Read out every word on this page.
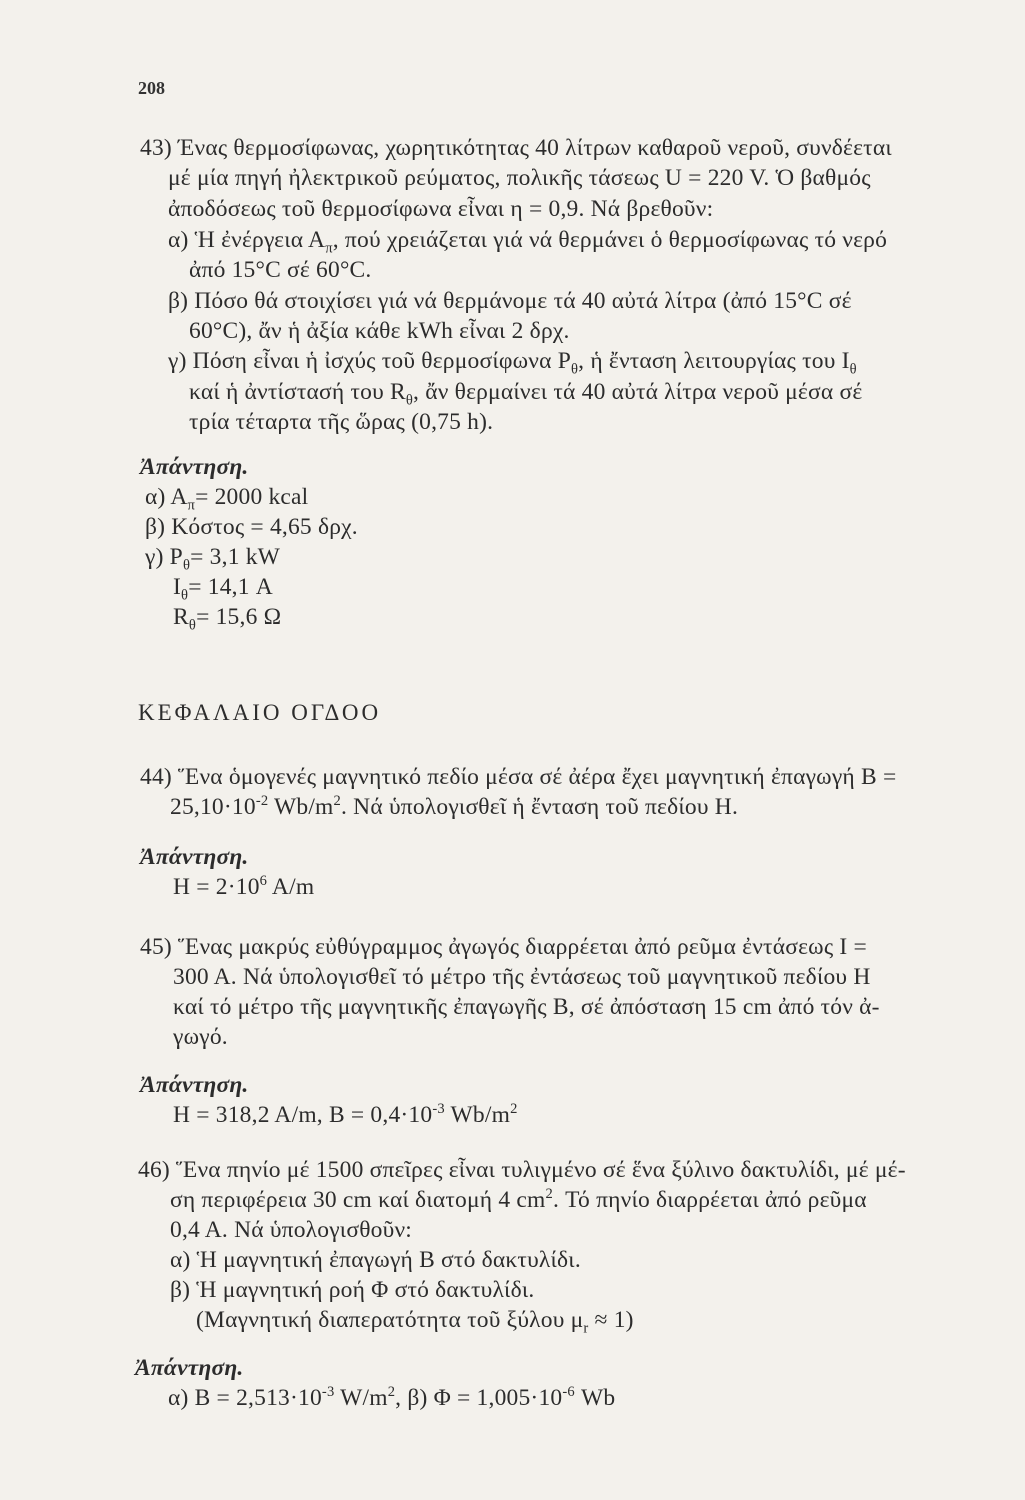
208
43) Ένας θερμοσίφωνας, χωρητικότητας 40 λίτρων καθαροῦ νεροῦ, συνδέεται
μέ μία πηγή ἠλεκτρικοῦ ρεύματος, πολικῆς τάσεως U = 220 V. Ὁ βαθμός
ἀποδόσεως τοῦ θερμοσίφωνα εἶναι η = 0,9. Νά βρεθοῦν:
α) Ἡ ἐνέργεια $A_\pi$, πού χρειάζεται γιά νά θερμάνει ὁ θερμοσίφωνας τό νερό
ἀπό 15°C σέ 60°C.
β) Πόσο θά στοιχίσει γιά νά θερμάνομε τά 40 αὐτά λίτρα (ἀπό 15°C σέ
60°C), ἄν ἡ ἀξία κάθε kWh εἶναι 2 δρχ.
γ) Πόση εἶναι ἡ ἰσχύς τοῦ θερμοσίφωνα $P_\theta$, ἡ ἔνταση λειτουργίας του $I_\theta$
καί ἡ ἀντίστασή του $R_\theta$, ἄν θερμαίνει τά 40 αὐτά λίτρα νεροῦ μέσα σέ
τρία τέταρτα τῆς ὥρας (0,75 h).
Ἀπάντηση.
α) $A_\pi= 2000$ kcal
β) Κόστος = 4,65 δρχ.
γ) $P_\theta= 3,1$ kW
$I_\theta= 14,1$ A
$R_\theta= 15,6$ Ω
ΚΕΦΑΛΑΙΟ ΟΓΔΟΟ
44) Ἕνα ὁμογενές μαγνητικό πεδίο μέσα σέ ἀέρα ἔχει μαγνητική ἐπαγωγή B =
$25,10\cdot 10^{-2}$ $Wb/m^2$. Νά ὑπολογισθεῖ ἡ ἔνταση τοῦ πεδίου H.
Ἀπάντηση.
$H = 2\cdot 10^6$ A/m
45) Ἕνας μακρύς εὐθύγραμμος ἀγωγός διαρρέεται ἀπό ρεῦμα ἐντάσεως I =
300 A. Νά ὑπολογισθεῖ τό μέτρο τῆς ἐντάσεως τοῦ μαγνητικοῦ πεδίου H
καί τό μέτρο τῆς μαγνητικῆς ἐπαγωγῆς B, σέ ἀπόσταση 15 cm ἀπό τόν ἀ-
γωγό.
Ἀπάντηση.
H = 318,2 A/m, $B = 0,4\cdot 10^{-3}$ $Wb/m^2$
46) Ἕνα πηνίο μέ 1500 σπεῖρες εἶναι τυλιγμένο σέ ἕνα ξύλινο δακτυλίδι, μέ μέ-
ση περιφέρεια 30 cm καί διατομή 4 $cm^2$. Τό πηνίο διαρρέεται ἀπό ρεῦμα
0,4 A. Νά ὑπολογισθοῦν:
α) Ἡ μαγνητική ἐπαγωγή B στό δακτυλίδι.
β) Ἡ μαγνητική ροή Φ στό δακτυλίδι.
(Μαγνητική διαπερατότητα τοῦ ξύλου $\mu_r \approx 1$)
Ἀπάντηση.
α) $B = 2,513\cdot 10^{-3}$ $W/m^2$, β) $\Phi = 1,005\cdot 10^{-6}$ Wb
